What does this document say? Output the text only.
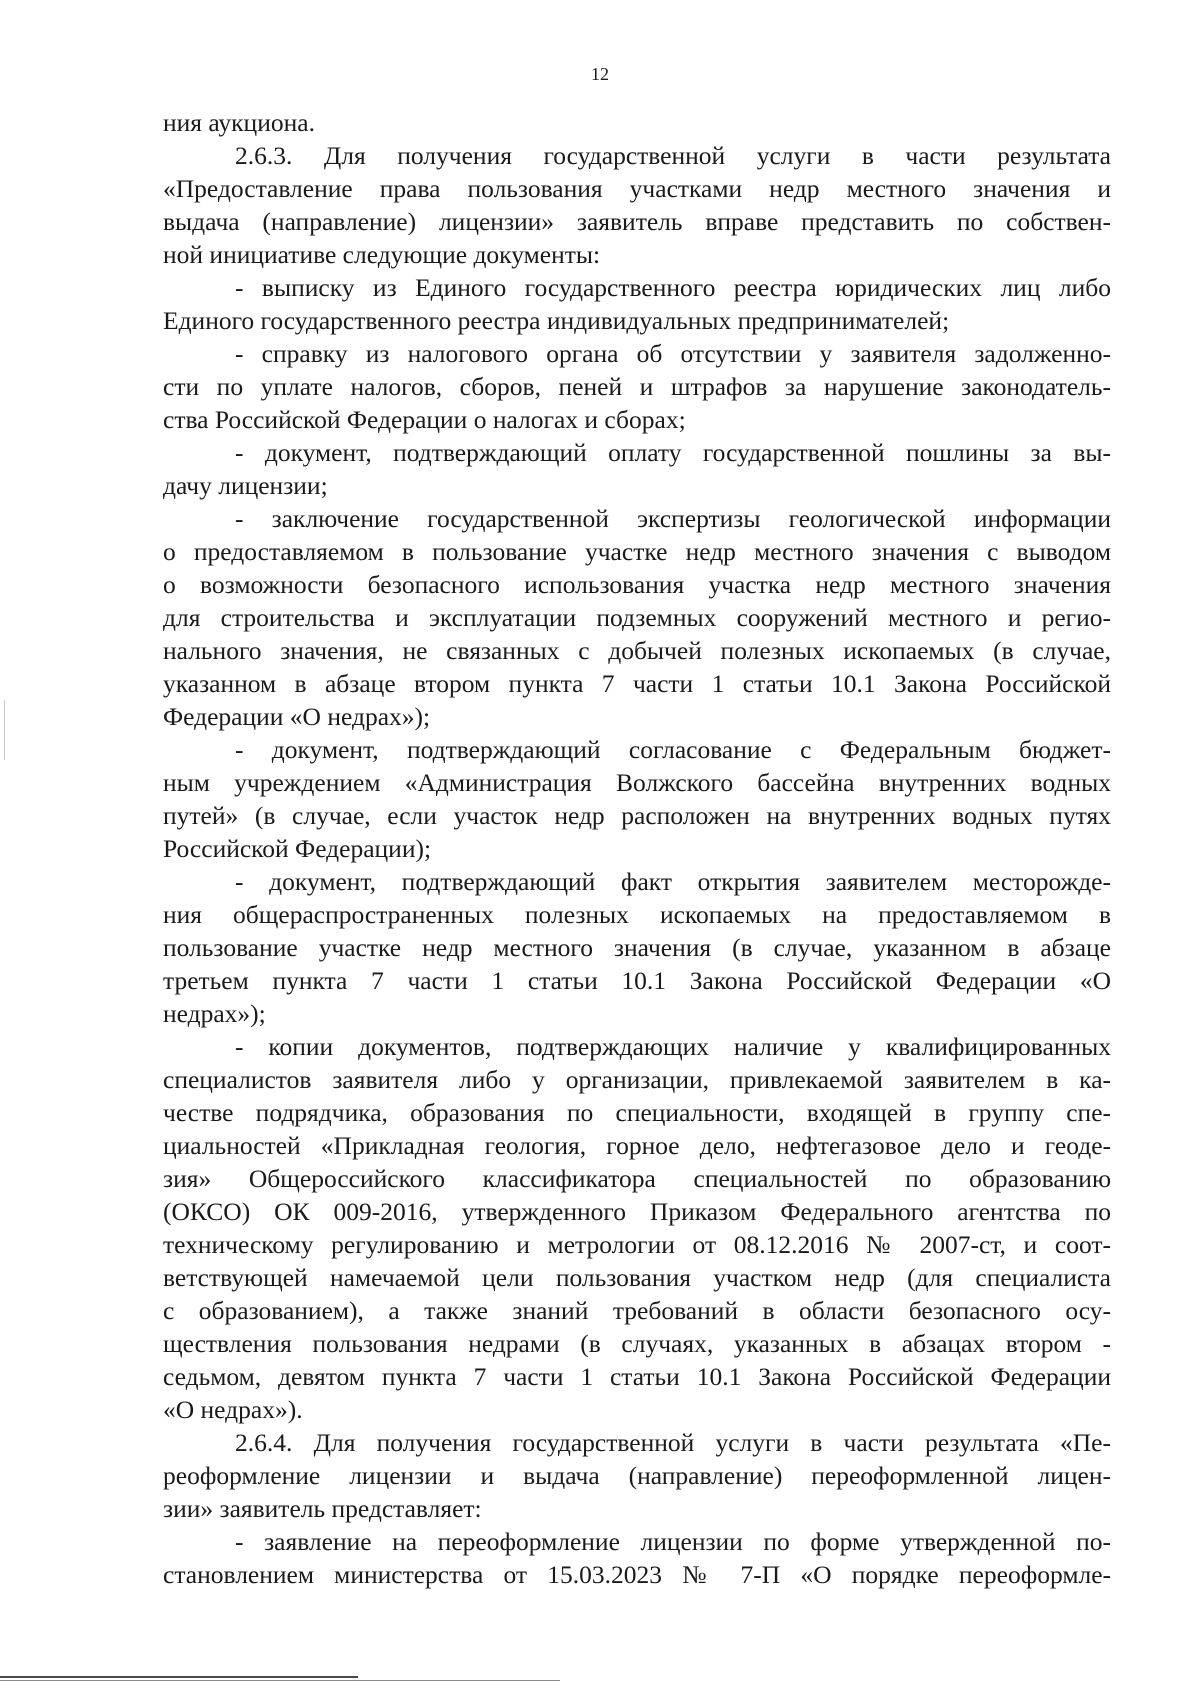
12
ния аукциона.
2.6.3. Для получения государственной услуги в части результата
«Предоставление права пользования участками недр местного значения и
выдача (направление) лицензии» заявитель вправе представить по собствен-
ной инициативе следующие документы:
- выписку из Единого государственного реестра юридических лиц либо
Единого государственного реестра индивидуальных предпринимателей;
- справку из налогового органа об отсутствии у заявителя задолженно-
сти по уплате налогов, сборов, пеней и штрафов за нарушение законодатель-
ства Российской Федерации о налогах и сборах;
- документ, подтверждающий оплату государственной пошлины за вы-
дачу лицензии;
- заключение государственной экспертизы геологической информации
о предоставляемом в пользование участке недр местного значения с выводом
о возможности безопасного использования участка недр местного значения
для строительства и эксплуатации подземных сооружений местного и регио-
нального значения, не связанных с добычей полезных ископаемых (в случае,
указанном в абзаце втором пункта 7 части 1 статьи 10.1 Закона Российской
Федерации «О недрах»);
- документ, подтверждающий согласование с Федеральным бюджет-
ным учреждением «Администрация Волжского бассейна внутренних водных
путей» (в случае, если участок недр расположен на внутренних водных путях
Российской Федерации);
- документ, подтверждающий факт открытия заявителем месторожде-
ния общераспространенных полезных ископаемых на предоставляемом в
пользование участке недр местного значения (в случае, указанном в абзаце
третьем пункта 7 части 1 статьи 10.1 Закона Российской Федерации «О
недрах»);
- копии документов, подтверждающих наличие у квалифицированных
специалистов заявителя либо у организации, привлекаемой заявителем в ка-
честве подрядчика, образования по специальности, входящей в группу спе-
циальностей «Прикладная геология, горное дело, нефтегазовое дело и геоде-
зия» Общероссийского классификатора специальностей по образованию
(ОКСО) ОК 009-2016, утвержденного Приказом Федерального агентства по
техническому регулированию и метрологии от 08.12.2016 № 2007-ст, и соот-
ветствующей намечаемой цели пользования участком недр (для специалиста
с образованием), а также знаний требований в области безопасного осу-
ществления пользования недрами (в случаях, указанных в абзацах втором -
седьмом, девятом пункта 7 части 1 статьи 10.1 Закона Российской Федерации
«О недрах»).
2.6.4. Для получения государственной услуги в части результата «Пе-
реоформление лицензии и выдача (направление) переоформленной лицен-
зии» заявитель представляет:
- заявление на переоформление лицензии по форме утвержденной по-
становлением министерства от 15.03.2023 № 7-П «О порядке переоформле-
